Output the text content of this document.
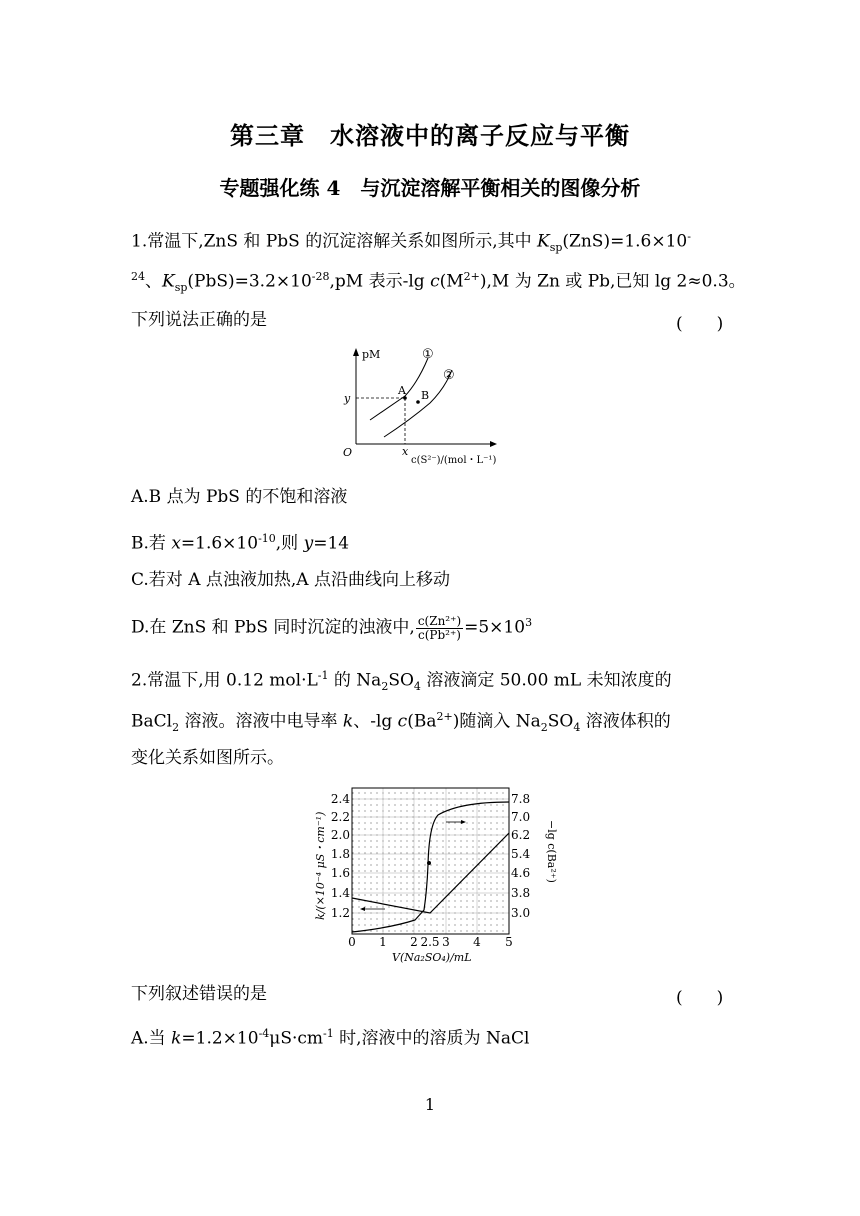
第三章　水溶液中的离子反应与平衡
专题强化练 4　与沉淀溶解平衡相关的图像分析
1.常温下,ZnS 和 PbS 的沉淀溶解关系如图所示,其中 $K_{sp}(ZnS)=1.6\times 10^-$
$^{24}$、$K_{sp}(PbS)=3.2\times 10^{-28},pM$ 表示-lg $c(M^{2+}),M$ 为 Zn 或 Pb,已知 lg 2≈0.3。
下列说法正确的是	(　　)
pM	①
②
A B
y
x
O
c(S²⁻)/(mol・L⁻¹)
A.B 点为 PbS 的不饱和溶液
B.若 $x=1.6\times 10^{-10}$,则 y=14
C.若对 A 点浊液加热,A 点沿曲线向上移动
D.在 ZnS 和 PbS 同时沉淀的浊液中, $\frac{\text{c(Zn²⁺)}}{\text{c(Pb²⁺)}} =5\times 10^3$
2.常温下,用 0.12 $mol\cdot L^{-1}$ 的 $Na_2SO_4$ 溶液滴定 50.00 mL 未知浓度的
BaCl$_2$ 溶液。溶液中电导率 k、-lg $c(Ba^{2+})$随滴入 $Na_2SO_4$ 溶液体积的
变化关系如图所示。
2.4
2.2
2.0
1.8
1.6
1.4
1.2
7.8
7.0
6.2
5.4
4.6
3.8
3.0
0 1 2 2.5 3 4 5
k/(×10⁻⁴ μS・cm⁻¹)	−lg c(Ba²⁺)
V(Na₂SO₄)/mL
下列叙述错误的是	(　　)
A.当 $k=1.2\times 10^{-4}\mu S\cdot cm^{-1}$ 时,溶液中的溶质为 NaCl
1
